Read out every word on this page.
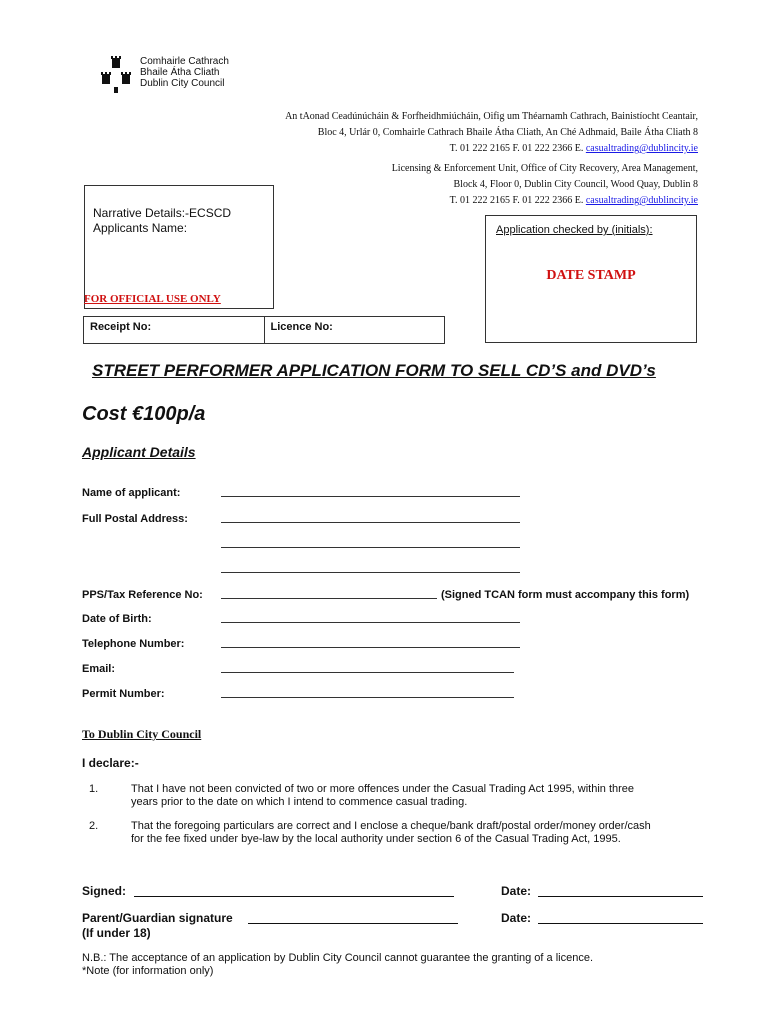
Comhairle Cathrach
Bhaile Átha Cliath
Dublin City Council
An tAonad Ceadúnúcháin & Forfheidhmiúcháin, Oifig um Théarnamh Cathrach, Bainistíocht Ceantair,
Bloc 4, Urlár 0, Comhairle Cathrach Bhaile Átha Cliath, An Ché Adhmaid, Baile Átha Cliath 8
T. 01 222 2165 F. 01 222 2366 E. casualtrading@dublincity.ie
Licensing & Enforcement Unit, Office of City Recovery, Area Management,
Block 4, Floor 0, Dublin City Council, Wood Quay, Dublin 8
T. 01 222 2165 F. 01 222 2366 E. casualtrading@dublincity.ie
Narrative Details:-ECSCD
Applicants Name:	Application checked by (initials):
DATE STAMP
FOR OFFICIAL USE ONLY
Receipt No:	Licence No:
STREET PERFORMER APPLICATION FORM TO SELL CD’S and DVD’s
Cost €100p/a
Applicant Details
Name of applicant:
Full Postal Address:
PPS/Tax Reference No:	(Signed TCAN form must accompany this form)
Date of Birth:
Telephone Number:
Email:
Permit Number:
To Dublin City Council
I declare:-
1.	That I have not been convicted of two or more offences under the Casual Trading Act 1995, within three years prior to the date on which I intend to commence casual trading.
2.	That the foregoing particulars are correct and I enclose a cheque/bank draft/postal order/money order/cash for the fee fixed under bye-law by the local authority under section 6 of the Casual Trading Act, 1995.
Signed:	Date:
Parent/Guardian signature
(If under 18)
Date:
N.B.: The acceptance of an application by Dublin City Council cannot guarantee the granting of a licence.
*Note (for information only)
